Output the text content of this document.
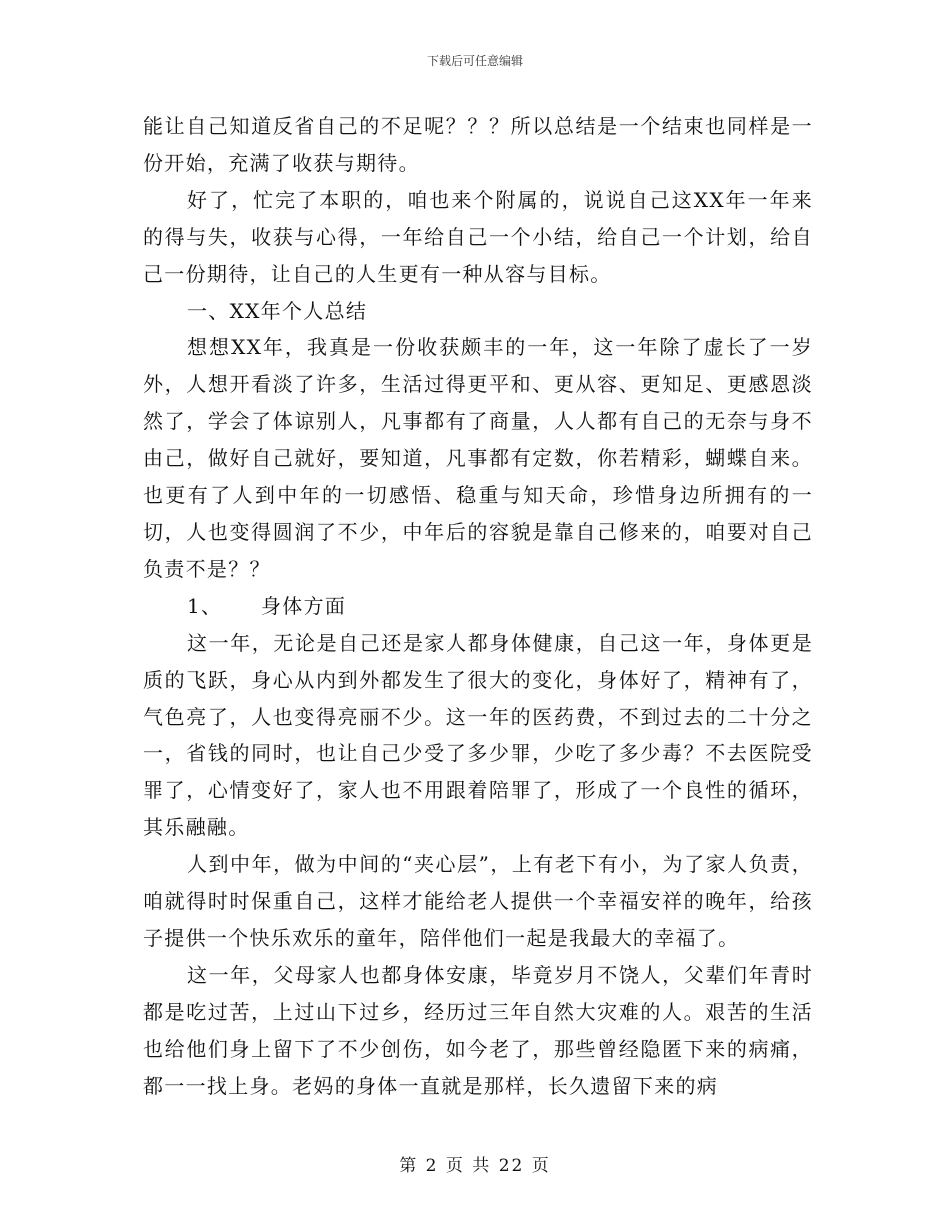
下载后可任意编辑

能让自己知道反省自己的不足呢？？？所以总结是一个结束也同样是一份开始，充满了收获与期待。

好了，忙完了本职的，咱也来个附属的，说说自己这XX年一年来的得与失，收获与心得，一年给自己一个小结，给自己一个计划，给自己一份期待，让自己的人生更有一种从容与目标。

一、XX年个人总结

想想XX年，我真是一份收获颇丰的一年，这一年除了虚长了一岁外，人想开看淡了许多，生活过得更平和、更从容、更知足、更感恩淡然了，学会了体谅别人，凡事都有了商量，人人都有自己的无奈与身不由己，做好自己就好，要知道，凡事都有定数，你若精彩，蝴蝶自来。也更有了人到中年的一切感悟、稳重与知天命，珍惜身边所拥有的一切，人也变得圆润了不少，中年后的容貌是靠自己修来的，咱要对自己负责不是？？

1、 身体方面

这一年，无论是自己还是家人都身体健康，自己这一年，身体更是质的飞跃，身心从内到外都发生了很大的变化，身体好了，精神有了，气色亮了，人也变得亮丽不少。这一年的医药费，不到过去的二十分之一，省钱的同时，也让自己少受了多少罪，少吃了多少毒？不去医院受罪了，心情变好了，家人也不用跟着陪罪了，形成了一个良性的循环，其乐融融。

人到中年，做为中间的“夹心层”，上有老下有小，为了家人负责，咱就得时时保重自己，这样才能给老人提供一个幸福安祥的晚年，给孩子提供一个快乐欢乐的童年，陪伴他们一起是我最大的幸福了。

这一年，父母家人也都身体安康，毕竟岁月不饶人，父辈们年青时都是吃过苦，上过山下过乡，经历过三年自然大灾难的人。艰苦的生活也给他们身上留下了不少创伤，如今老了，那些曾经隐匿下来的病痛，都一一找上身。老妈的身体一直就是那样，长久遗留下来的病

第 2 页 共 22 页
